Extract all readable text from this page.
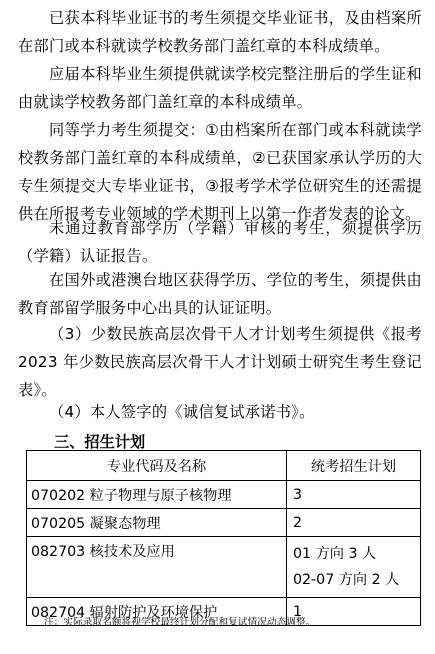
已获本科毕业证书的考生须提交毕业证书，及由档案所在部门或本科就读学校教务部门盖红章的本科成绩单。

应届本科毕业生须提供就读学校完整注册后的学生证和由就读学校教务部门盖红章的本科成绩单。

同等学力考生须提交：①由档案所在部门或本科就读学校教务部门盖红章的本科成绩单，②已获国家承认学历的大专生须提交大专毕业证书，③报考学术学位研究生的还需提供在所报考专业领域的学术期刊上以第一作者发表的论文。

未通过教育部学历（学籍）审核的考生，须提供学历（学籍）认证报告。

在国外或港澳台地区获得学历、学位的考生，须提供由教育部留学服务中心出具的认证证明。

（3）少数民族高层次骨干人才计划考生须提供《报考 2023 年少数民族高层次骨干人才计划硕士研究生考生登记表》。

（4）本人签字的《诚信复试承诺书》。

三、招生计划

专业代码及名称	统考招生计划
070202 粒子物理与原子核物理	3
070205 凝聚态物理	2
082703 核技术及应用	01 方向 3 人
02-07 方向 2 人

082704 辐射防护及环境保护	1

注：实际录取名额将视学校最终计划分配和复试情况动态调整。
